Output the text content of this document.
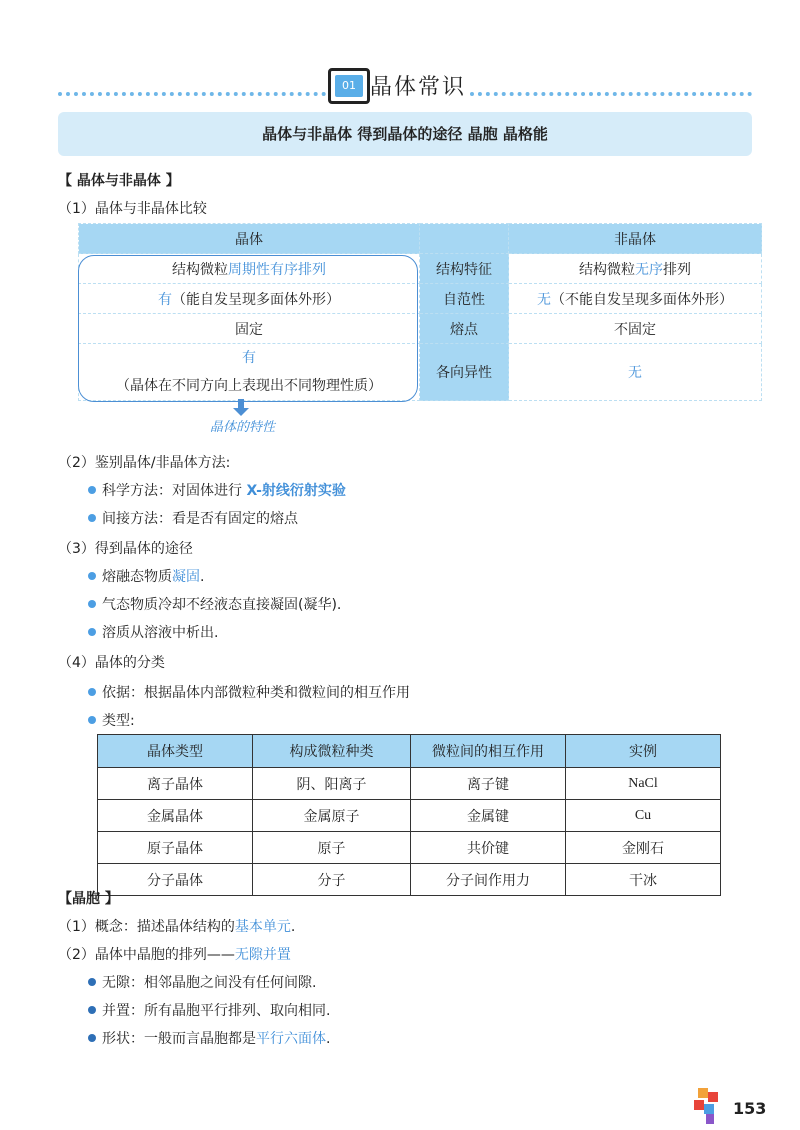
01 晶体常识
晶体与非晶体 得到晶体的途径 晶胞 晶格能
【 晶体与非晶体 】
（1）晶体与非晶体比较
晶体		非晶体
结构微粒周期性有序排列	结构特征	结构微粒无序排列
有（能自发呈现多面体外形）	自范性	无（不能自发呈现多面体外形）
固定	熔点	不固定
有
（晶体在不同方向上表现出不同物理性质）	各向异性	无
晶体的特性
（2）鉴别晶体/非晶体方法:
科学方法：对固体进行 X-射线衍射实验
间接方法：看是否有固定的熔点
（3）得到晶体的途径
熔融态物质凝固.
气态物质冷却不经液态直接凝固(凝华).
溶质从溶液中析出.
（4）晶体的分类
依据：根据晶体内部微粒种类和微粒间的相互作用
类型:
晶体类型	构成微粒种类	微粒间的相互作用	实例
离子晶体	阴、阳离子	离子键	NaCl
金属晶体	金属原子	金属键	Cu
原子晶体	原子	共价键	金刚石
分子晶体	分子	分子间作用力	干冰
【晶胞 】
（1）概念：描述晶体结构的基本单元.
（2）晶体中晶胞的排列——无隙并置
无隙：相邻晶胞之间没有任何间隙.
并置：所有晶胞平行排列、取向相同.
形状：一般而言晶胞都是平行六面体.
153
